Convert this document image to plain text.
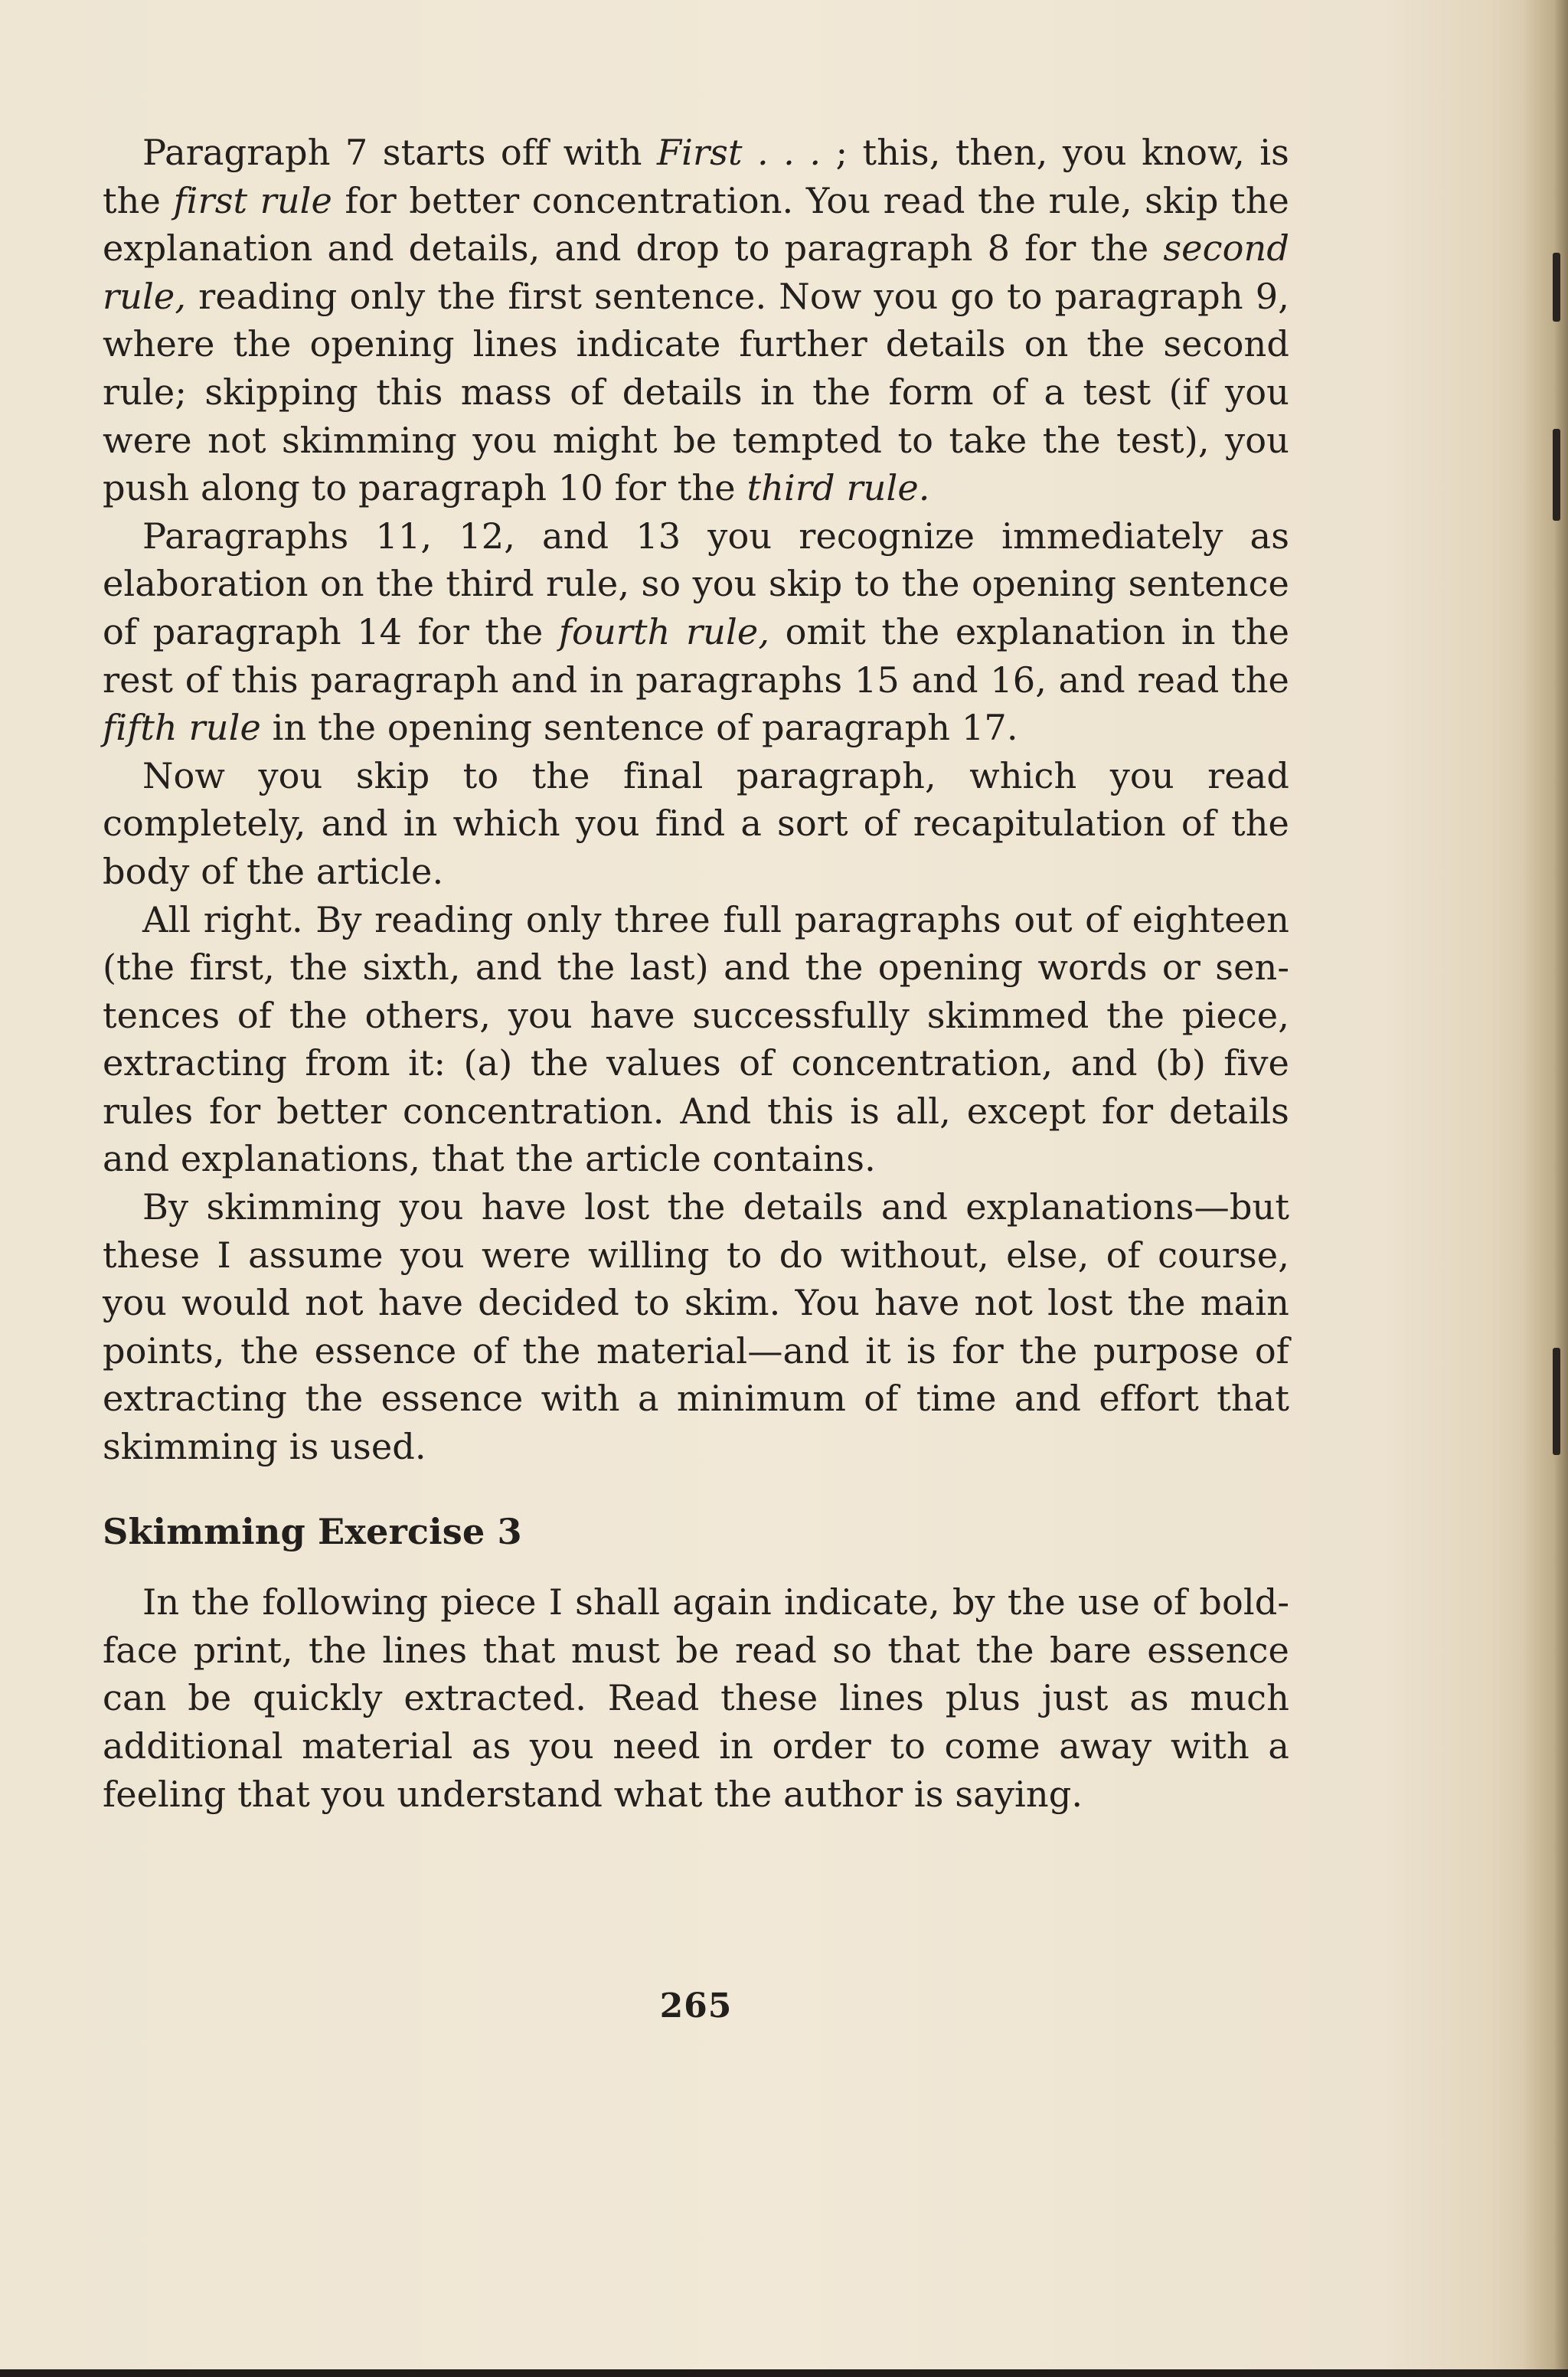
Paragraph 7 starts off with First . . . ; this, then, you know, is the first rule for better concentration. You read the rule, skip the explanation and details, and drop to paragraph 8 for the second rule, reading only the first sentence. Now you go to paragraph 9, where the opening lines indicate further details on the second rule; skipping this mass of details in the form of a test (if you were not skimming you might be tempted to take the test), you push along to paragraph 10 for the third rule.

Paragraphs 11, 12, and 13 you recognize immediately as elaboration on the third rule, so you skip to the opening sentence of paragraph 14 for the fourth rule, omit the explanation in the rest of this paragraph and in paragraphs 15 and 16, and read the fifth rule in the opening sentence of paragraph 17.

Now you skip to the final paragraph, which you read completely, and in which you find a sort of recapitulation of the body of the article.

All right. By reading only three full paragraphs out of eighteen (the first, the sixth, and the last) and the opening words or sentences of the others, you have successfully skimmed the piece, extracting from it: (a) the values of concentration, and (b) five rules for better concentration. And this is all, except for details and explanations, that the article contains.

By skimming you have lost the details and explanations—but these I assume you were willing to do without, else, of course, you would not have decided to skim. You have not lost the main points, the essence of the material—and it is for the purpose of extracting the essence with a minimum of time and effort that skimming is used.

Skimming Exercise 3

In the following piece I shall again indicate, by the use of boldface print, the lines that must be read so that the bare essence can be quickly extracted. Read these lines plus just as much additional material as you need in order to come away with a feeling that you understand what the author is saying.

265
